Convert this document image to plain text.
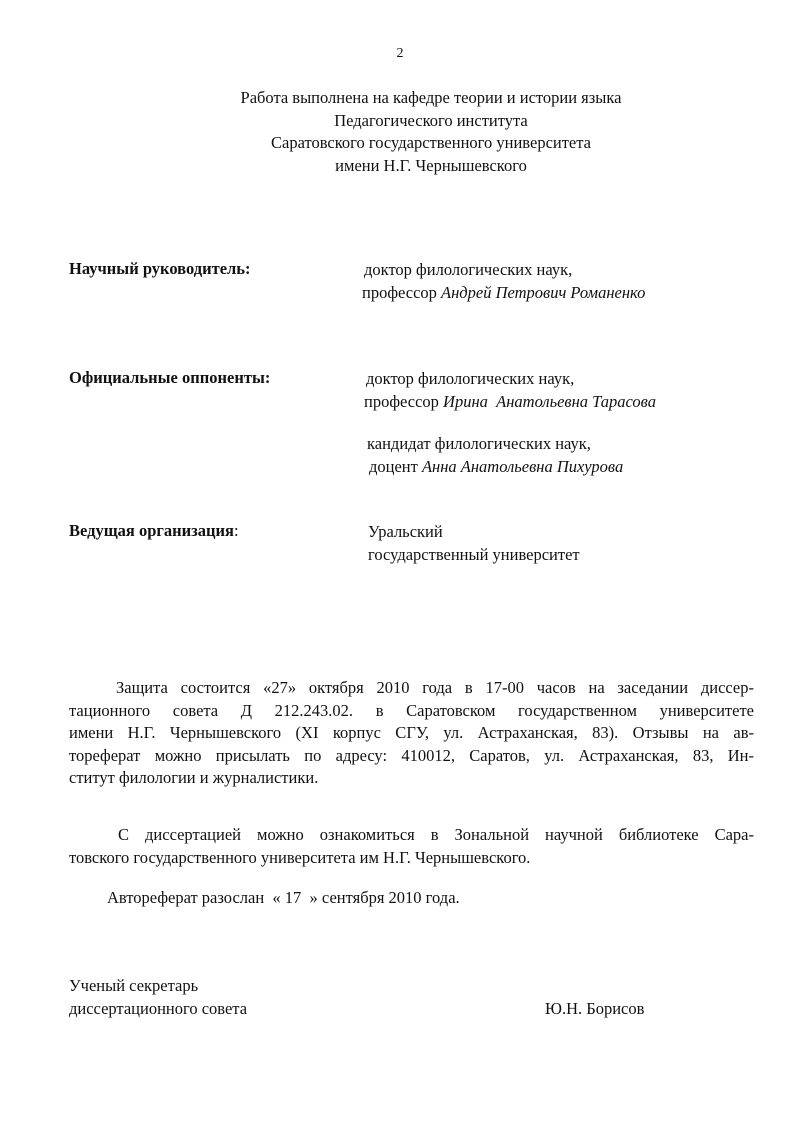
2
Работа выполнена на кафедре теории и истории языка
Педагогического института
Саратовского государственного университета
имени Н.Г. Чернышевского
Научный руководитель:	доктор филологических наук,
профессор Андрей Петрович Романенко
Официальные оппоненты:	доктор филологических наук,
профессор Ирина  Анатольевна Тарасова
кандидат филологических наук,
доцент Анна Анатольевна Пихурова
Ведущая организация:	Уральский
государственный университет
Защита состоится «27» октября 2010 года в 17-00 часов на заседании диссер-
тационного совета Д 212.243.02. в Саратовском государственном университете
имени Н.Г. Чернышевского (XI корпус СГУ, ул. Астраханская, 83). Отзывы на ав-
тореферат можно присылать по адресу: 410012, Саратов, ул. Астраханская, 83, Ин-
ститут филологии и журналистики.
С диссертацией можно ознакомиться в Зональной научной библиотеке Сара-
товского государственного университета им Н.Г. Чернышевского.
Автореферат разослан  « 17  » сентября 2010 года.
Ученый секретарь
диссертационного совета	Ю.Н. Борисов
